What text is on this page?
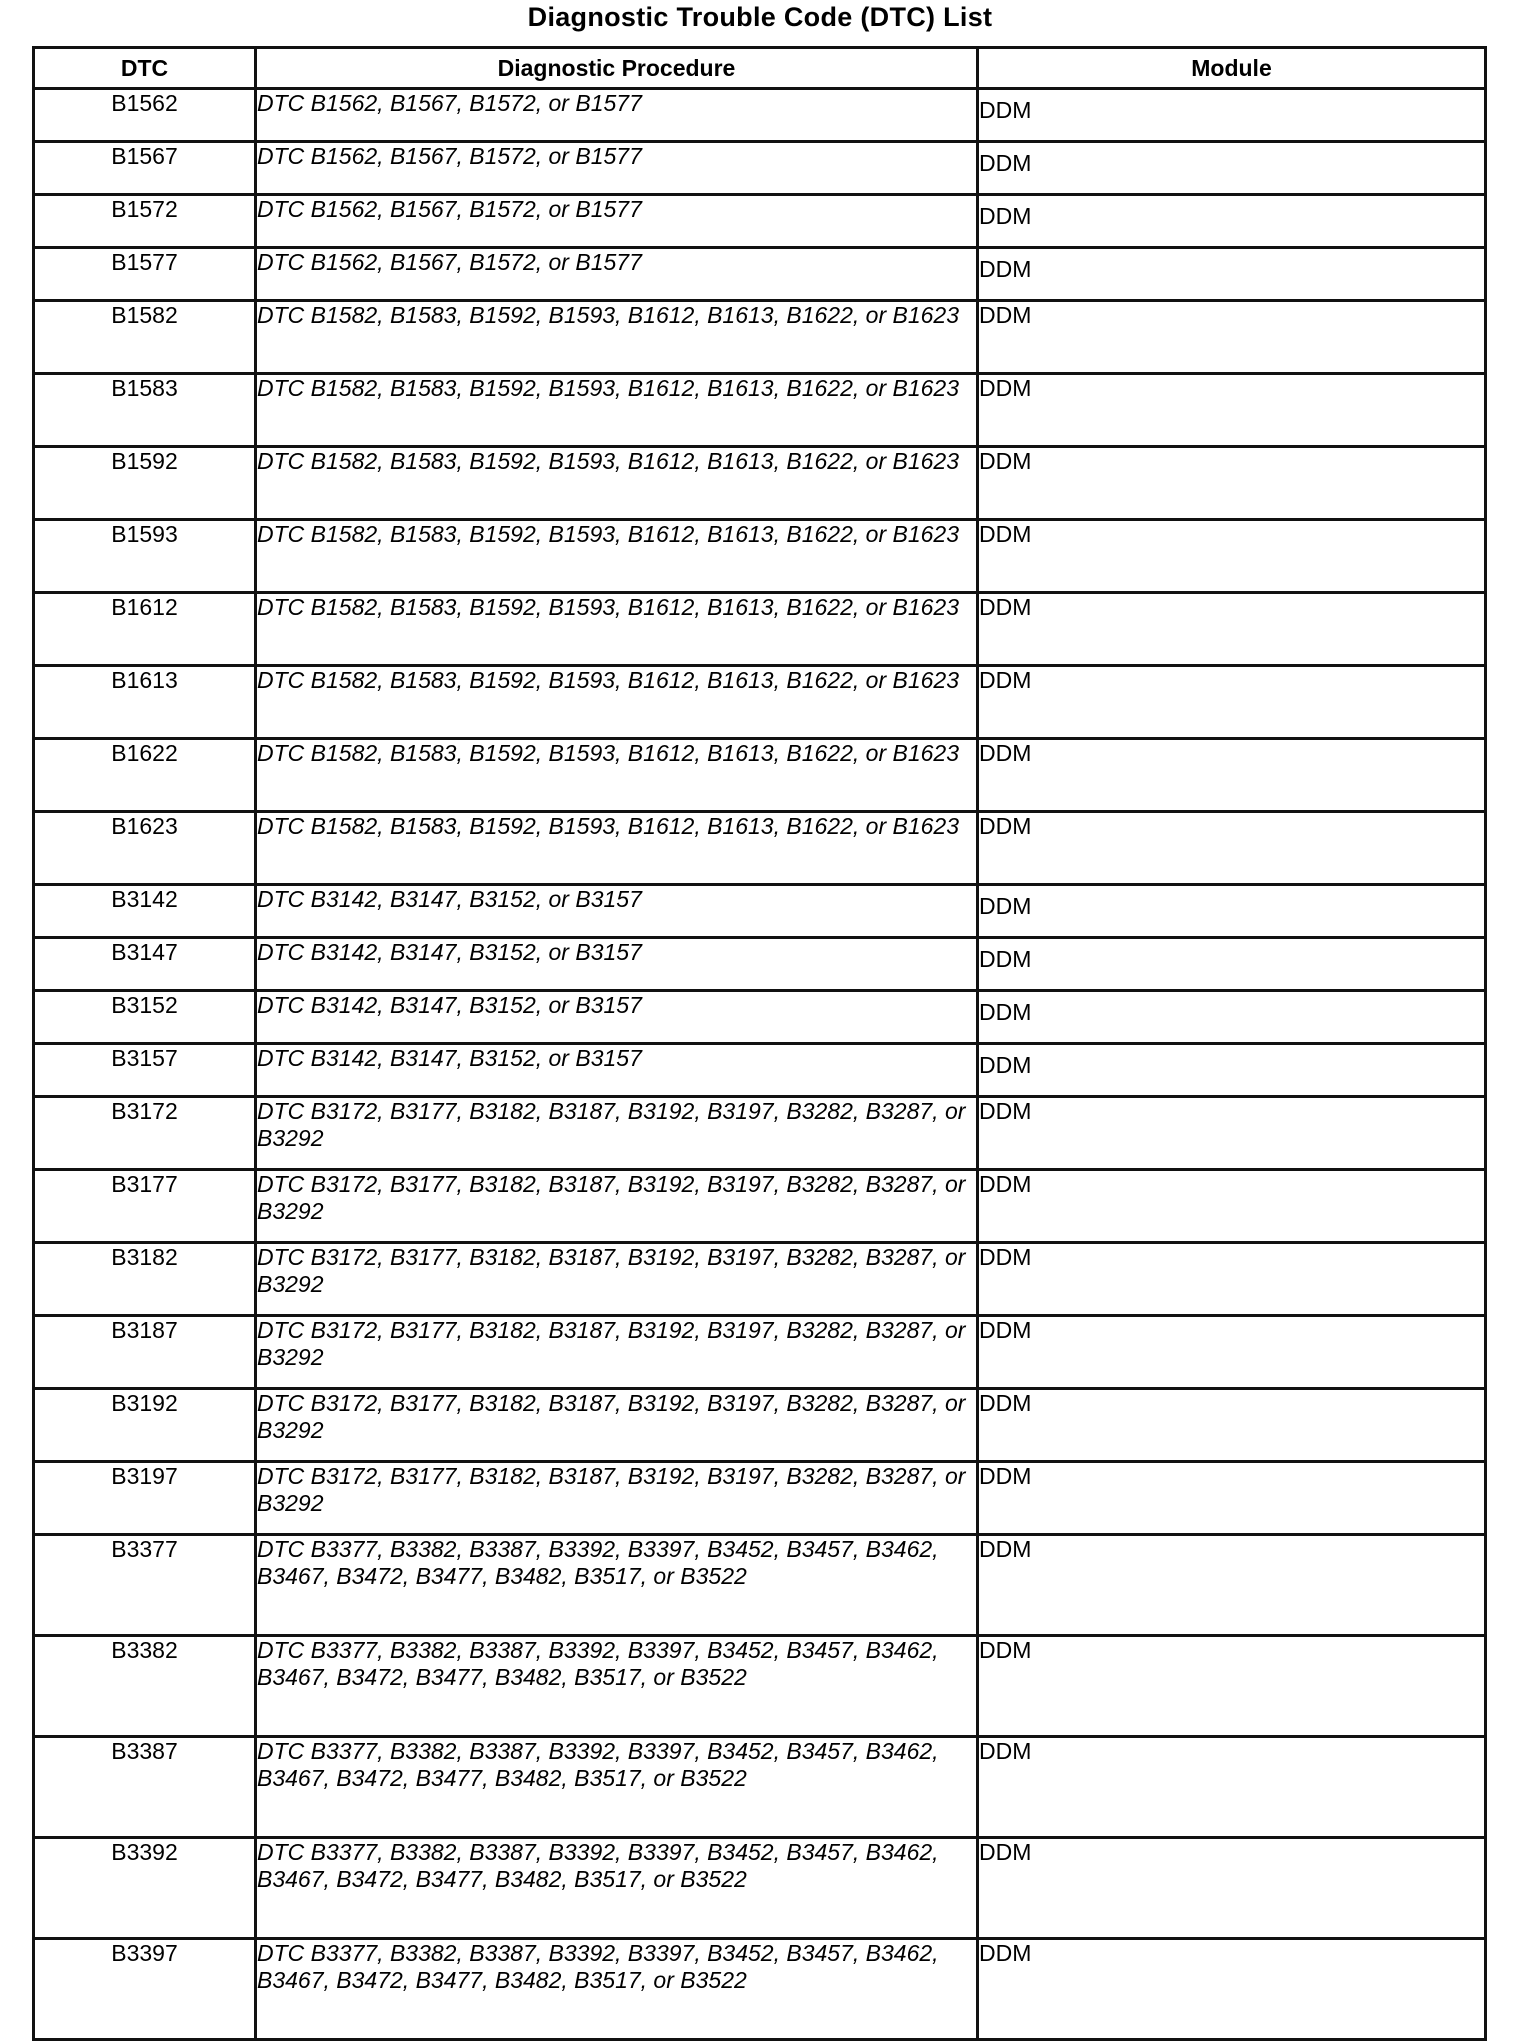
Diagnostic Trouble Code (DTC) List
DTC	Diagnostic Procedure	Module
B1562	DTC B1562, B1567, B1572, or B1577	DDM
B1567	DTC B1562, B1567, B1572, or B1577	DDM
B1572	DTC B1562, B1567, B1572, or B1577	DDM
B1577	DTC B1562, B1567, B1572, or B1577	DDM
B1582	DTC B1582, B1583, B1592, B1593, B1612, B1613, B1622, or B1623	DDM
B1583	DTC B1582, B1583, B1592, B1593, B1612, B1613, B1622, or B1623	DDM
B1592	DTC B1582, B1583, B1592, B1593, B1612, B1613, B1622, or B1623	DDM
B1593	DTC B1582, B1583, B1592, B1593, B1612, B1613, B1622, or B1623	DDM
B1612	DTC B1582, B1583, B1592, B1593, B1612, B1613, B1622, or B1623	DDM
B1613	DTC B1582, B1583, B1592, B1593, B1612, B1613, B1622, or B1623	DDM
B1622	DTC B1582, B1583, B1592, B1593, B1612, B1613, B1622, or B1623	DDM
B1623	DTC B1582, B1583, B1592, B1593, B1612, B1613, B1622, or B1623	DDM
B3142	DTC B3142, B3147, B3152, or B3157	DDM
B3147	DTC B3142, B3147, B3152, or B3157	DDM
B3152	DTC B3142, B3147, B3152, or B3157	DDM
B3157	DTC B3142, B3147, B3152, or B3157	DDM
B3172	DTC B3172, B3177, B3182, B3187, B3192, B3197, B3282, B3287, or B3292	DDM
B3177	DTC B3172, B3177, B3182, B3187, B3192, B3197, B3282, B3287, or B3292	DDM
B3182	DTC B3172, B3177, B3182, B3187, B3192, B3197, B3282, B3287, or B3292	DDM
B3187	DTC B3172, B3177, B3182, B3187, B3192, B3197, B3282, B3287, or B3292	DDM
B3192	DTC B3172, B3177, B3182, B3187, B3192, B3197, B3282, B3287, or B3292	DDM
B3197	DTC B3172, B3177, B3182, B3187, B3192, B3197, B3282, B3287, or B3292	DDM
B3377	DTC B3377, B3382, B3387, B3392, B3397, B3452, B3457, B3462, B3467, B3472, B3477, B3482, B3517, or B3522	DDM
B3382	DTC B3377, B3382, B3387, B3392, B3397, B3452, B3457, B3462, B3467, B3472, B3477, B3482, B3517, or B3522	DDM
B3387	DTC B3377, B3382, B3387, B3392, B3397, B3452, B3457, B3462, B3467, B3472, B3477, B3482, B3517, or B3522	DDM
B3392	DTC B3377, B3382, B3387, B3392, B3397, B3452, B3457, B3462, B3467, B3472, B3477, B3482, B3517, or B3522	DDM
B3397	DTC B3377, B3382, B3387, B3392, B3397, B3452, B3457, B3462, B3467, B3472, B3477, B3482, B3517, or B3522	DDM
